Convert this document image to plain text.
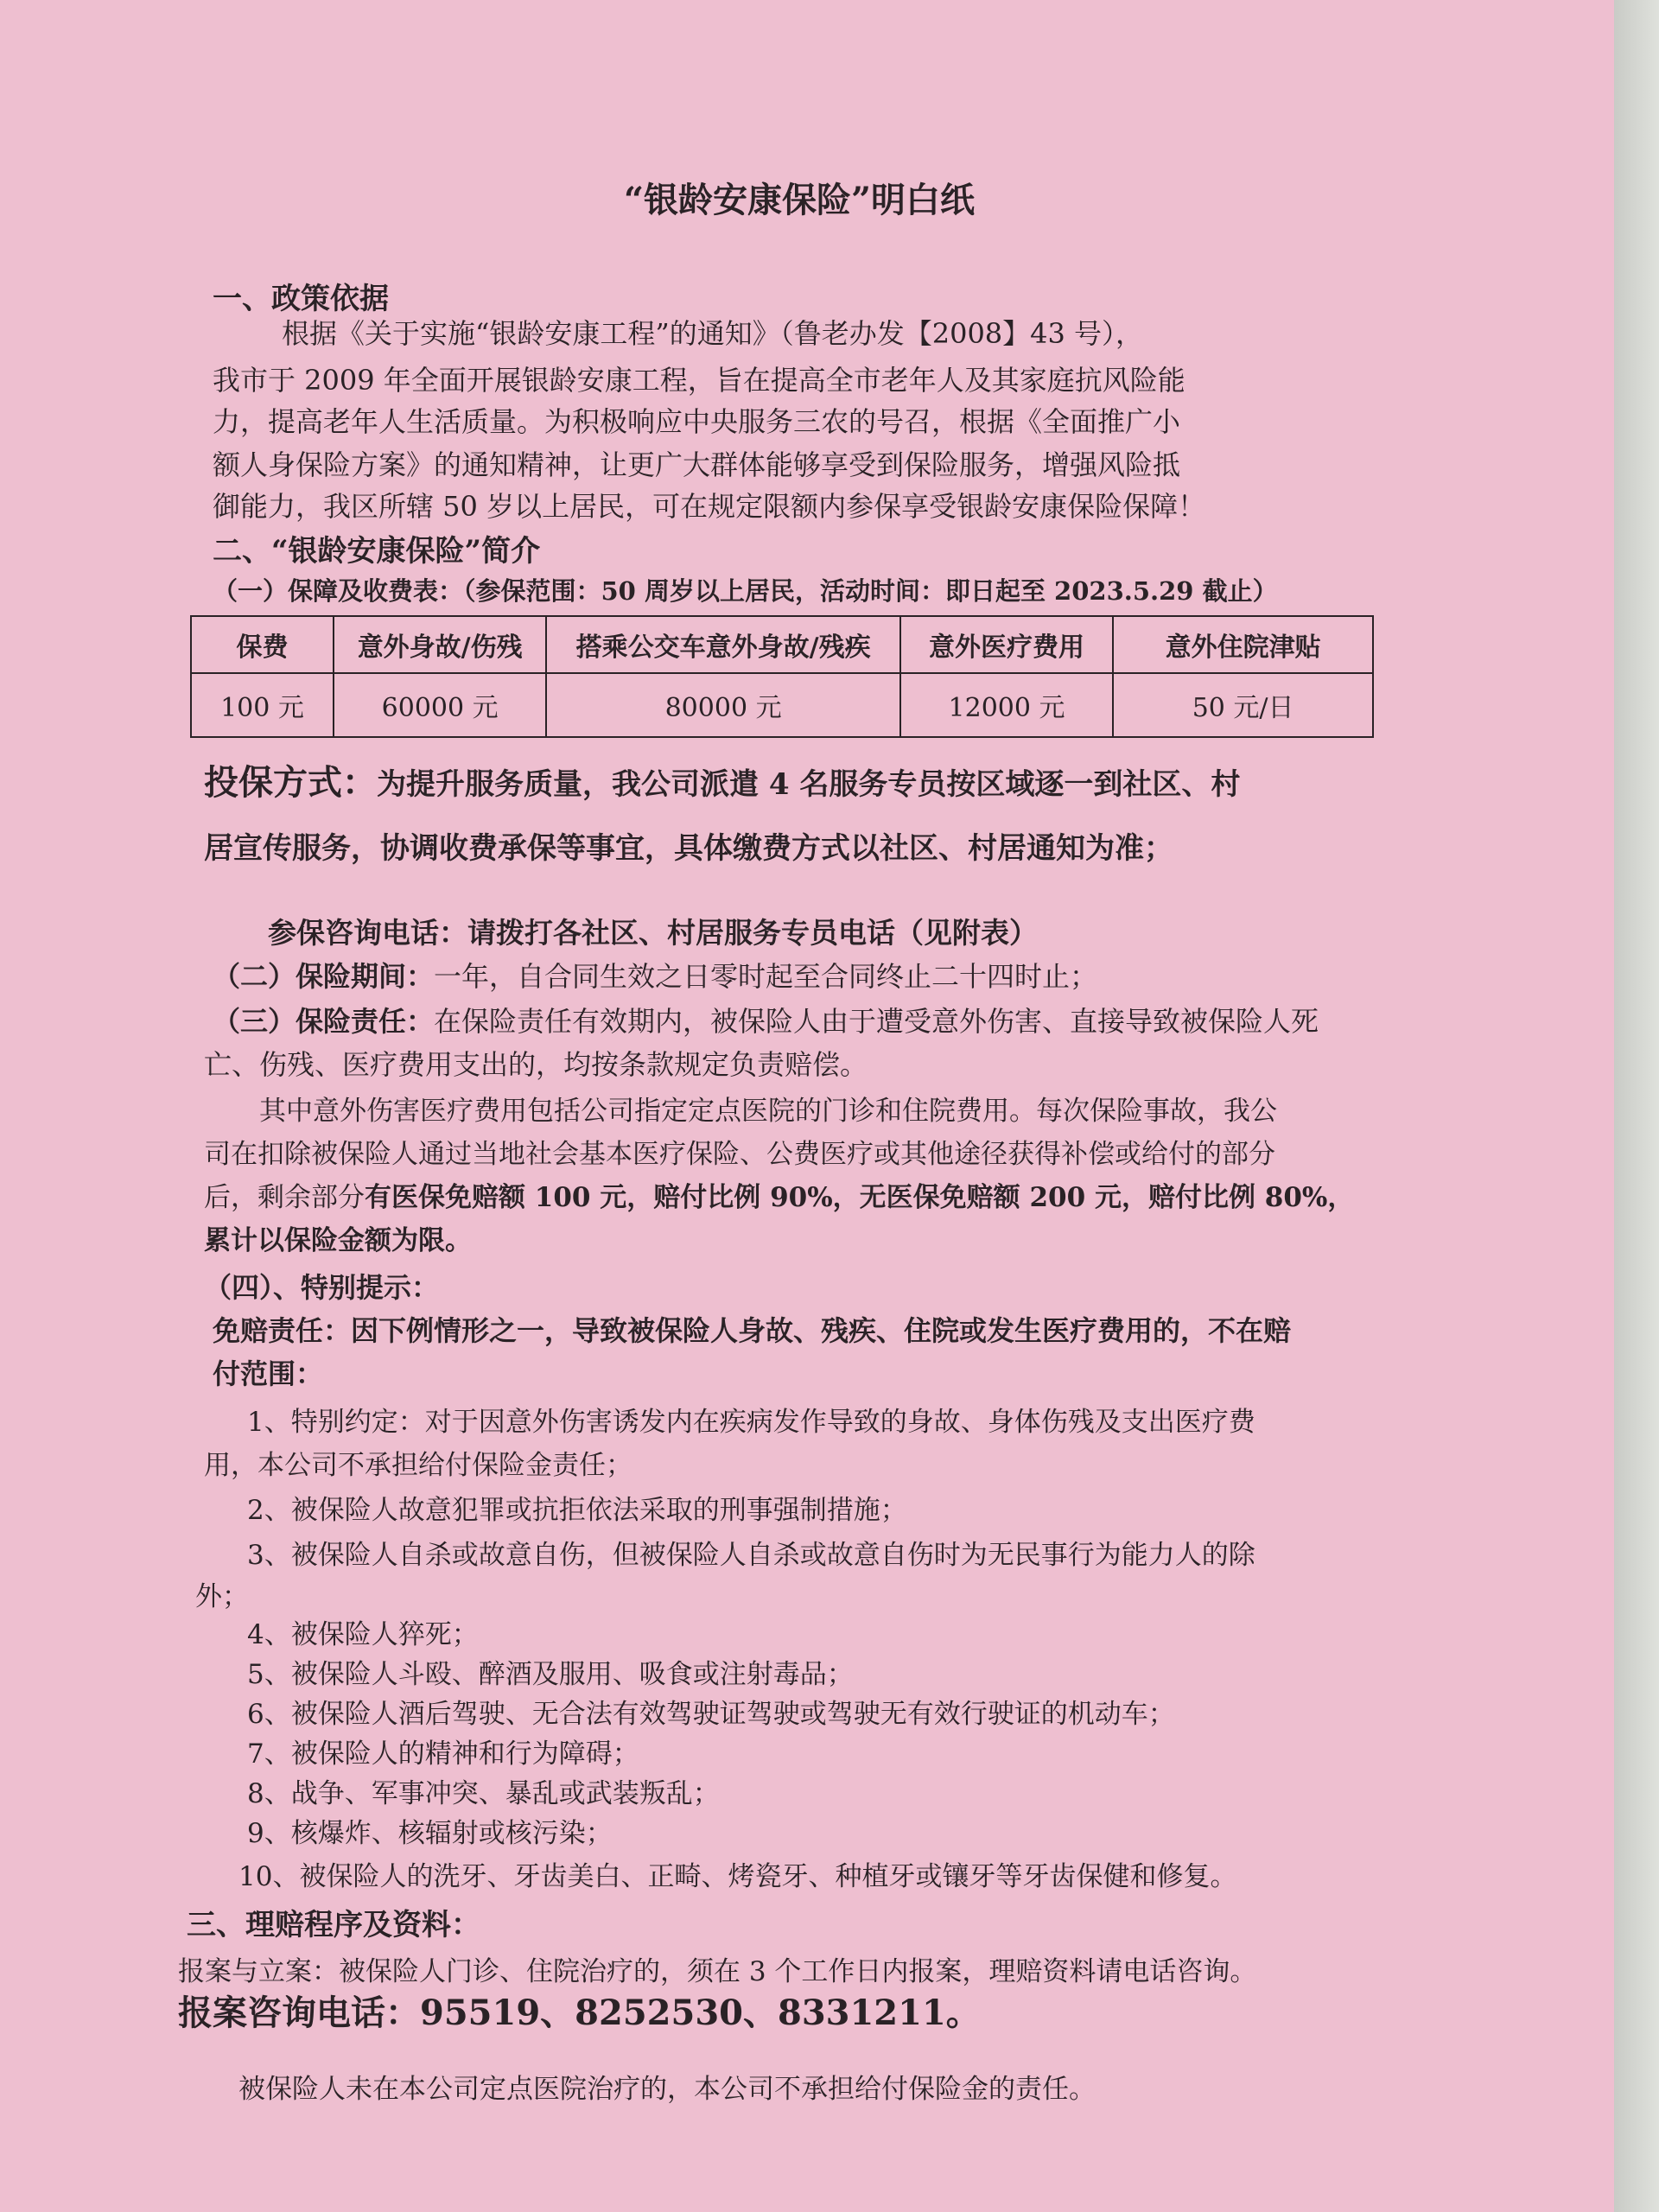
“银龄安康保险”明白纸
一、政策依据
根据《关于实施“银龄安康工程”的通知》（鲁老办发【2008】43 号），
我市于 2009 年全面开展银龄安康工程，旨在提高全市老年人及其家庭抗风险能
力，提高老年人生活质量。为积极响应中央服务三农的号召，根据《全面推广小
额人身保险方案》的通知精神，让更广大群体能够享受到保险服务，增强风险抵
御能力，我区所辖 50 岁以上居民，可在规定限额内参保享受银龄安康保险保障！
二、“银龄安康保险”简介
（一）保障及收费表：（参保范围：50 周岁以上居民，活动时间：即日起至 2023.5.29 截止）
保费	意外身故/伤残	搭乘公交车意外身故/残疾	意外医疗费用	意外住院津贴
100 元	60000 元	80000 元	12000 元	50 元/日
投保方式：为提升服务质量，我公司派遣 4 名服务专员按区域逐一到社区、村
居宣传服务，协调收费承保等事宜，具体缴费方式以社区、村居通知为准；
参保咨询电话：请拨打各社区、村居服务专员电话（见附表）
（二）保险期间：一年，自合同生效之日零时起至合同终止二十四时止；
（三）保险责任：在保险责任有效期内，被保险人由于遭受意外伤害、直接导致被保险人死
亡、伤残、医疗费用支出的，均按条款规定负责赔偿。
其中意外伤害医疗费用包括公司指定定点医院的门诊和住院费用。每次保险事故，我公
司在扣除被保险人通过当地社会基本医疗保险、公费医疗或其他途径获得补偿或给付的部分
后，剩余部分有医保免赔额 100 元，赔付比例 90%，无医保免赔额 200 元，赔付比例 80%，
累计以保险金额为限。
（四）、特别提示：
免赔责任：因下例情形之一，导致被保险人身故、残疾、住院或发生医疗费用的，不在赔
付范围：
1、特别约定：对于因意外伤害诱发内在疾病发作导致的身故、身体伤残及支出医疗费
用，本公司不承担给付保险金责任；
2、被保险人故意犯罪或抗拒依法采取的刑事强制措施；
3、被保险人自杀或故意自伤，但被保险人自杀或故意自伤时为无民事行为能力人的除
外；
4、被保险人猝死；
5、被保险人斗殴、醉酒及服用、吸食或注射毒品；
6、被保险人酒后驾驶、无合法有效驾驶证驾驶或驾驶无有效行驶证的机动车；
7、被保险人的精神和行为障碍；
8、战争、军事冲突、暴乱或武装叛乱；
9、核爆炸、核辐射或核污染；
10、被保险人的洗牙、牙齿美白、正畸、烤瓷牙、种植牙或镶牙等牙齿保健和修复。
三、理赔程序及资料：
报案与立案：被保险人门诊、住院治疗的，须在 3 个工作日内报案，理赔资料请电话咨询。
报案咨询电话：95519、8252530、8331211。
被保险人未在本公司定点医院治疗的，本公司不承担给付保险金的责任。
